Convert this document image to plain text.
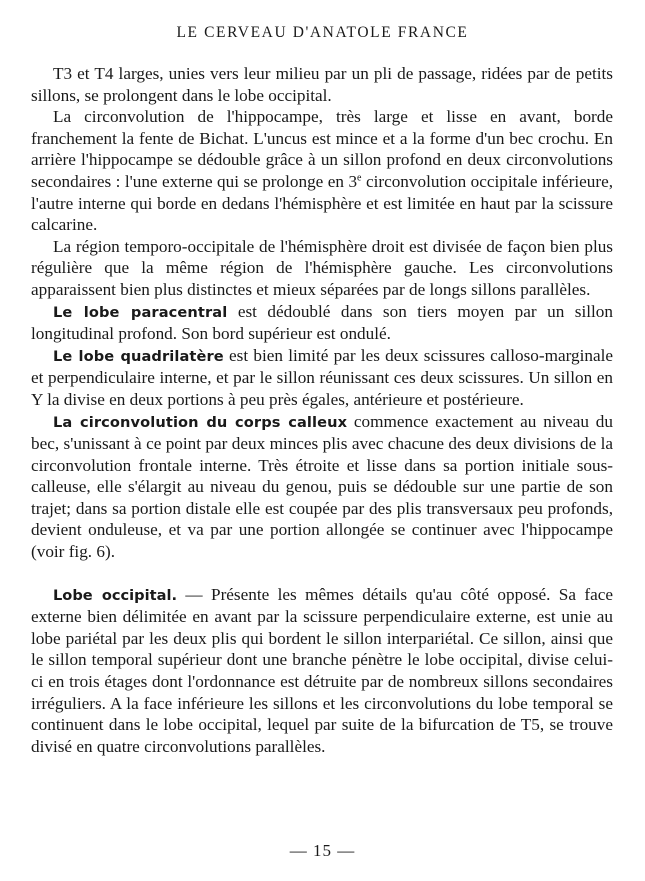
LE CERVEAU D'ANATOLE FRANCE

T3 et T4 larges, unies vers leur milieu par un pli de passage, ridées par de petits sillons, se prolongent dans le lobe occipital.

La circonvolution de l'hippocampe, très large et lisse en avant, borde franchement la fente de Bichat. L'uncus est mince et a la forme d'un bec crochu. En arrière l'hippocampe se dédouble grâce à un sillon profond en deux circonvolutions secondaires : l'une externe qui se prolonge en 3e circonvolution occipitale inférieure, l'autre interne qui borde en dedans l'hémisphère et est limitée en haut par la scissure calcarine.

La région temporo-occipitale de l'hémisphère droit est divisée de façon bien plus régulière que la même région de l'hémisphère gauche. Les circonvolutions apparaissent bien plus distinctes et mieux séparées par de longs sillons parallèles.

Le lobe paracentral est dédoublé dans son tiers moyen par un sillon longitudinal profond. Son bord supérieur est ondulé.

Le lobe quadrilatère est bien limité par les deux scissures calloso-marginale et perpendiculaire interne, et par le sillon réunissant ces deux scissures. Un sillon en Y la divise en deux portions à peu près égales, antérieure et postérieure.

La circonvolution du corps calleux commence exactement au niveau du bec, s'unissant à ce point par deux minces plis avec chacune des deux divisions de la circonvolution frontale interne. Très étroite et lisse dans sa portion initiale sous-calleuse, elle s'élargit au niveau du genou, puis se dédouble sur une partie de son trajet; dans sa portion distale elle est coupée par des plis transversaux peu profonds, devient onduleuse, et va par une portion allongée se continuer avec l'hippocampe (voir fig. 6).

Lobe occipital. — Présente les mêmes détails qu'au côté opposé. Sa face externe bien délimitée en avant par la scissure perpendiculaire externe, est unie au lobe pariétal par les deux plis qui bordent le sillon interpariétal. Ce sillon, ainsi que le sillon temporal supérieur dont une branche pénètre le lobe occipital, divise celui-ci en trois étages dont l'ordonnance est détruite par de nombreux sillons secondaires irréguliers. A la face inférieure les sillons et les circonvolutions du lobe temporal se continuent dans le lobe occipital, lequel par suite de la bifurcation de T5, se trouve divisé en quatre circonvolutions parallèles.

— 15 —
